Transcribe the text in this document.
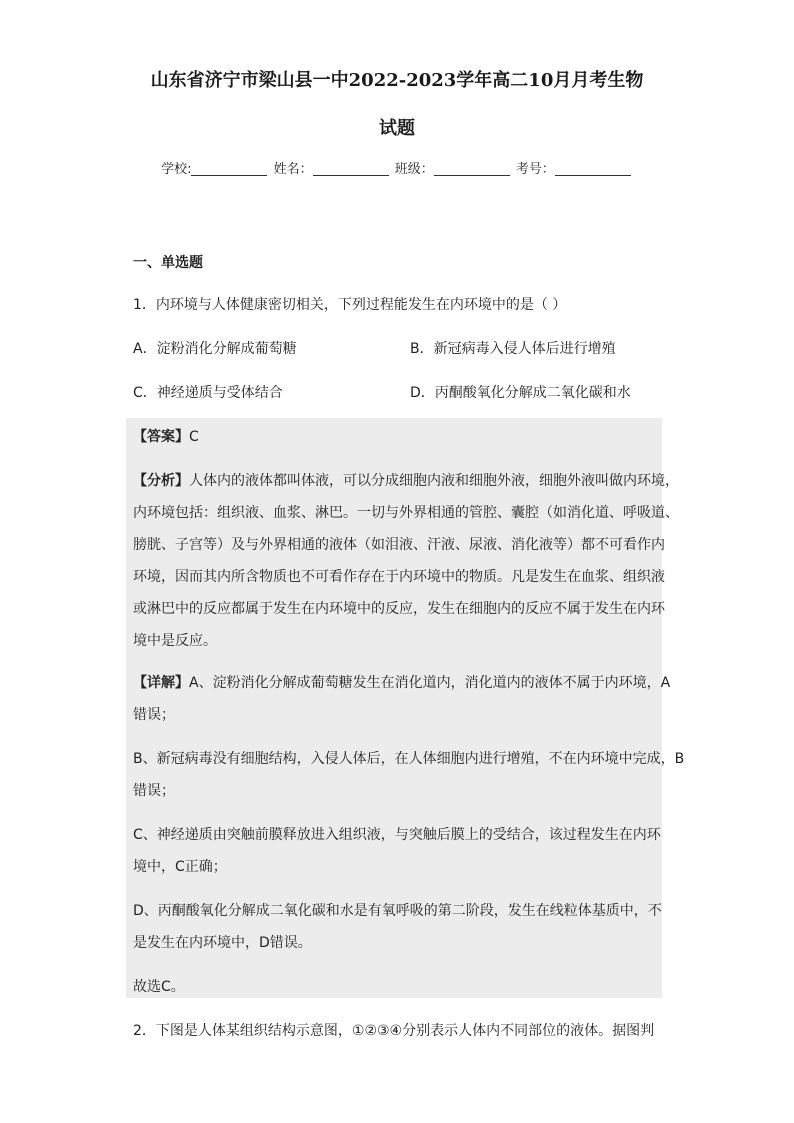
山东省济宁市梁山县一中2022-2023学年高二10月月考生物
试题
学校:	姓名：	班级：	考号：
一、单选题
1．内环境与人体健康密切相关，下列过程能发生在内环境中的是（ ）
A．淀粉消化分解成葡萄糖	B．新冠病毒入侵人体后进行增殖
C．神经递质与受体结合	D．丙酮酸氧化分解成二氧化碳和水
【答案】C
【分析】人体内的液体都叫体液，可以分成细胞内液和细胞外液，细胞外液叫做内环境，
内环境包括：组织液、血浆、淋巴。一切与外界相通的管腔、囊腔（如消化道、呼吸道、
膀胱、子宫等）及与外界相通的液体（如泪液、汗液、尿液、消化液等）都不可看作内
环境，因而其内所含物质也不可看作存在于内环境中的物质。凡是发生在血浆、组织液
或淋巴中的反应都属于发生在内环境中的反应，发生在细胞内的反应不属于发生在内环
境中是反应。
【详解】A、淀粉消化分解成葡萄糖发生在消化道内，消化道内的液体不属于内环境，A
错误；
B、新冠病毒没有细胞结构，入侵人体后，在人体细胞内进行增殖，不在内环境中完成，B
错误；
C、神经递质由突触前膜释放进入组织液，与突触后膜上的受结合，该过程发生在内环
境中，C正确；
D、丙酮酸氧化分解成二氧化碳和水是有氧呼吸的第二阶段，发生在线粒体基质中，不
是发生在内环境中，D错误。
故选C。
2．下图是人体某组织结构示意图，①②③④分别表示人体内不同部位的液体。据图判
